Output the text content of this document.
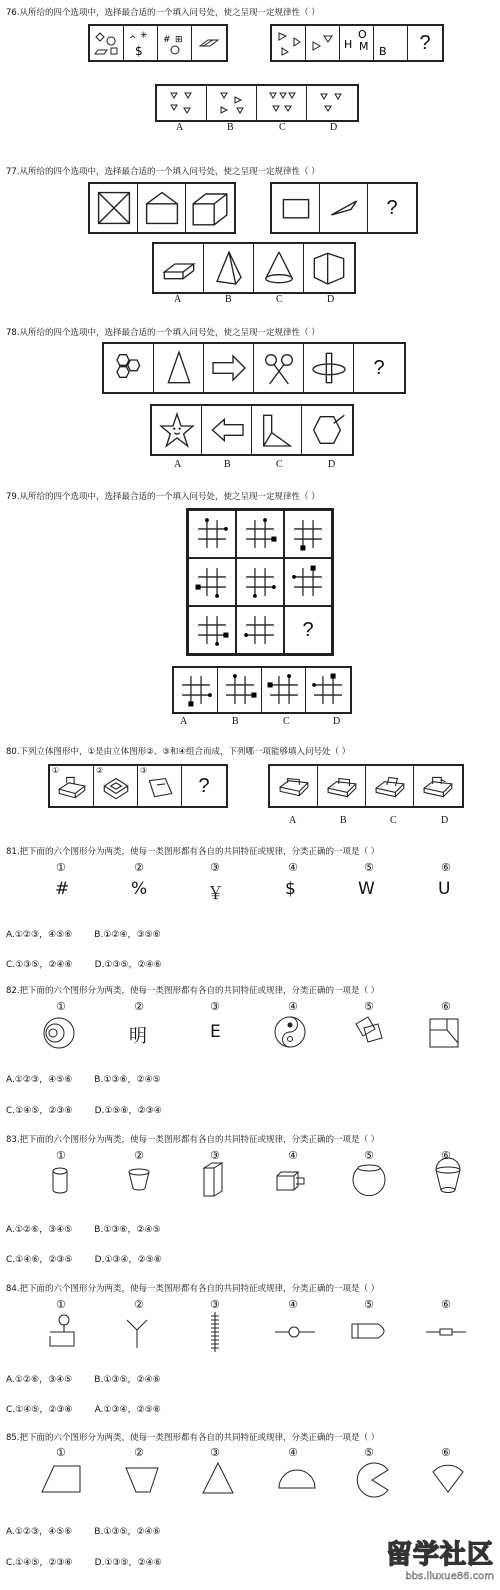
76.从所给的四个选项中，选择最合适的一个填入问号处，使之呈现一定规律性（ ）
^ ✳
$
# ⊞	H
O
M B ?
A	B	C	D
77.从所给的四个选项中，选择最合适的一个填入问号处，使之呈现一定规律性（ ）
?
A	B	C	D
78.从所给的四个选项中，选择最合适的一个填入问号处，使之呈现一定规律性（ ）
?
A	B	C	D
79.从所给的四个选项中，选择最合适的一个填入问号处，使之呈现一定规律性（ ）
?
A	B	C	D
80.下列立体图形中，①是由立体图形②、③和④组合而成，下列哪一项能够填入问号处（ ）
①	②	③
?
A	B	C	D
81.把下面的六个图形分为两类，使每一类图形都有各自的共同特征或规律，分类正确的一项是（ ）
①	②	③	④	⑤	⑥
#	%	￥	$	W	U
A.①②③，④⑤⑥ B.①②④，③⑤⑥
C.①③⑤，②④⑥ D.①③⑤，②④⑥
82.把下面的六个图形分为两类，使每一类图形都有各自的共同特征或规律，分类正确的一项是（ ）
①	②	③	④	⑤	⑥
明	E
A.①②③，④⑤⑥ B.①③⑥，②④⑤
C.①④⑤，②③⑥ D.①⑤⑥，②③④
83.把下面的六个图形分为两类，使每一类图形都有各自的共同特征或规律，分类正确的一项是（ ）
①	②	③	④	⑤	⑥
A.①②⑥，③④⑤ B.①③⑥，②④⑤
C.①④⑥，②③⑤ D.①③④，②⑤⑥
84.把下面的六个图形分为两类，使每一类图形都有各自的共同特征或规律，分类正确的一项是（ ）
①	②	③	④	⑤	⑥
A.①②⑥，③④⑤ B.①③⑤，②④⑥
C.①④⑤，②③⑥ A.①③④，②⑤⑥
85.把下面的六个图形分为两类，使每一类图形都有各自的共同特征或规律，分类正确的一项是（ ）
①	②	③	④	⑤	⑥
A.①②③，④⑤⑥ B.①③⑤，②④⑥
C.①④⑤，②③⑥ D.①③⑤，②④⑥	留学社区
bbs.liuxue86.com
